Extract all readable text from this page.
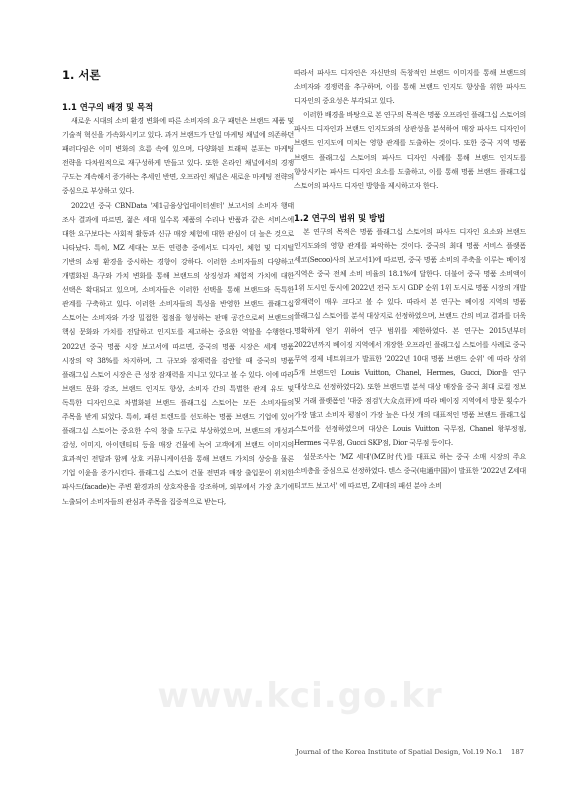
1. 서론
1.1 연구의 배경 및 목적

새로운 시대의 소비 환경 변화에 따른 소비자의 요구 패턴은 브랜드 제품 및 기술적 혁신을 가속화시키고 있다. 과거 브랜드가 단일 마케팅 채널에 의존하던 패러다임은 이미 변화의 흐름 속에 있으며, 다양화된 트래픽 분포는 마케팅 전략을 다차원적으로 재구성하게 만들고 있다. 또한 온라인 채널에서의 경쟁 구도는 계속해서 증가하는 추세인 반면, 오프라인 채널은 새로운 마케팅 전략의 중심으로 부상하고 있다.

2022년 중국 CBNData '제1금융상업데이터센터' 보고서의 소비자 행태 조사 결과에 따르면, 젊은 세대 일수록 제품의 수리나 반품과 같은 서비스에 대한 요구보다는 사회적 활동과 신규 매장 체험에 대한 관심이 더 높은 것으로 나타났다. 특히, MZ 세대는 모든 연령층 중에서도 디자인, 체험 및 디지털 기반의 쇼핑 환경을 중시하는 경향이 강하다. 이러한 소비자들의 다양하고 개별화된 욕구와 가치 변화를 통해 브랜드의 상징성과 체험적 가치에 대한 선택은 확대되고 있으며, 소비자들은 이러한 선택을 통해 브랜드와 독특한 관계를 구축하고 있다. 이러한 소비자들의 특성을 반영한 브랜드 플래그십 스토어는 소비자와 가장 밀접한 접점을 형성하는 판매 공간으로써 브랜드의 핵심 문화와 가치를 전달하고 인지도를 제고하는 중요한 역할을 수행한다. 2022년 중국 명품 시장 보고서에 따르면, 중국의 명품 시장은 세계 명품 시장의 약 38%를 차지하며, 그 규모와 잠재력을 감안할 때 중국의 명품 플래그십 스토어 시장은 큰 성장 잠재력을 지니고 있다고 볼 수 있다. 이에 따라 브랜드 문화 강조, 브랜드 인지도 향상, 소비자 간의 특별한 관계 유도 및 독특한 디자인으로 차별화된 브랜드 플래그십 스토어는 모든 소비자들의 주목을 받게 되었다. 특히, 패션 트렌드를 선도하는 명품 브랜드 기업에 있어 플래그십 스토어는 중요한 수익 창출 도구로 부상하였으며, 브랜드의 개성과 감성, 이미지, 아이덴티티 등을 매장 건물에 녹여 고객에게 브랜드 이미지의 효과적인 전달과 함께 상호 커뮤니케이션을 통해 브랜드 가치의 상승을 물론 기업 이윤을 증가시킨다. 플래그십 스토어 건물 전면과 매장 출입문이 위치한 파사드(facade)는 주변 환경과의 상호작용을 강조하며, 외부에서 가장 초기에 노출되어 소비자들의 관심과 주목을 집중적으로 받는다,

따라서 파사드 디자인은 자신만의 독창적인 브랜드 이미지를 통해 브랜드의 소비자와 경쟁력을 추구하며, 이를 통해 브랜드 인지도 향상을 위한 파사드 디자인의 중요성은 부각되고 있다.

이러한 배경을 바탕으로 본 연구의 목적은 명품 오프라인 플래그십 스토어의 파사드 디자인과 브랜드 인지도와의 상관성을 분석하여 매장 파사드 디자인이 브랜드 인지도에 미치는 영향 관계를 도출하는 것이다. 또한 중국 지역 명품 브랜드 플래그십 스토어의 파사드 디자인 사례를 통해 브랜드 인지도를 향상시키는 파사드 디자인 요소를 도출하고, 이를 통해 명품 브랜드 플래그십 스토어의 파사드 디자인 방향을 제시하고자 한다.

1.2 연구의 범위 및 방법

본 연구의 목적은 명품 플래그십 스토어의 파사드 디자인 요소와 브랜드 인지도와의 영향 관계를 파악하는 것이다. 중국의 최대 명품 서비스 플랫폼 세코(Secoo)사의 보고서1)에 따르면, 중국 명품 소비의 주축을 이루는 베이징 지역은 중국 전체 소비 비율의 18.1%에 달한다. 더불어 중국 명품 소비액이 1위 도시인 동시에 2022년 전국 도시 GDP 순위 1위 도시로 명품 시장의 개발 잠재력이 매우 크다고 볼 수 있다. 따라서 본 연구는 베이징 지역의 명품 플래그십 스토어를 분석 대상지로 선정하였으며, 브랜드 간의 비교 결과를 더욱 명확하게 얻기 위하여 연구 범위를 제한하였다. 본 연구는 2015년부터 2022년까지 베이징 지역에서 개장한 오프라인 플래그십 스토어를 사례로 중국 무역 경제 네트워크가 발표한 '2022년 10대 명품 브랜드 순위' 에 따라 상위 5개 브랜드인 Louis Vuitton, Chanel, Hermes, Gucci, Dior을 연구 대상으로 선정하였다2). 또한 브랜드별 분석 대상 매장을 중국 최대 로컬 정보 및 거래 플랫폼인 '대중 점검'(大众点评)에 따라 베이징 지역에서 방문 횟수가 가장 많고 소비자 평점이 가장 높은 다섯 개의 대표적인 명품 브랜드 플래그십 스토어를 선정하였으며 대상은 Louis Vuitton 국무점, Chanel 왕부정점, Hermes 국무점, Gucci SKP점, Dior 국무점 등이다.

설문조사는 'MZ 세대'(MZ时代)를 대표로 하는 중국 소매 시장의 주요 소비층을 중심으로 선정하였다. 텐스 중국(电通中国)이 발표한 '2022년 Z세대 티코드 보고서' 에 따르면, Z세대의 패션 분야 소비

www.kci.go.kr
Journal of the Korea Institute of Spatial Design, Vol.19 No.1 187
